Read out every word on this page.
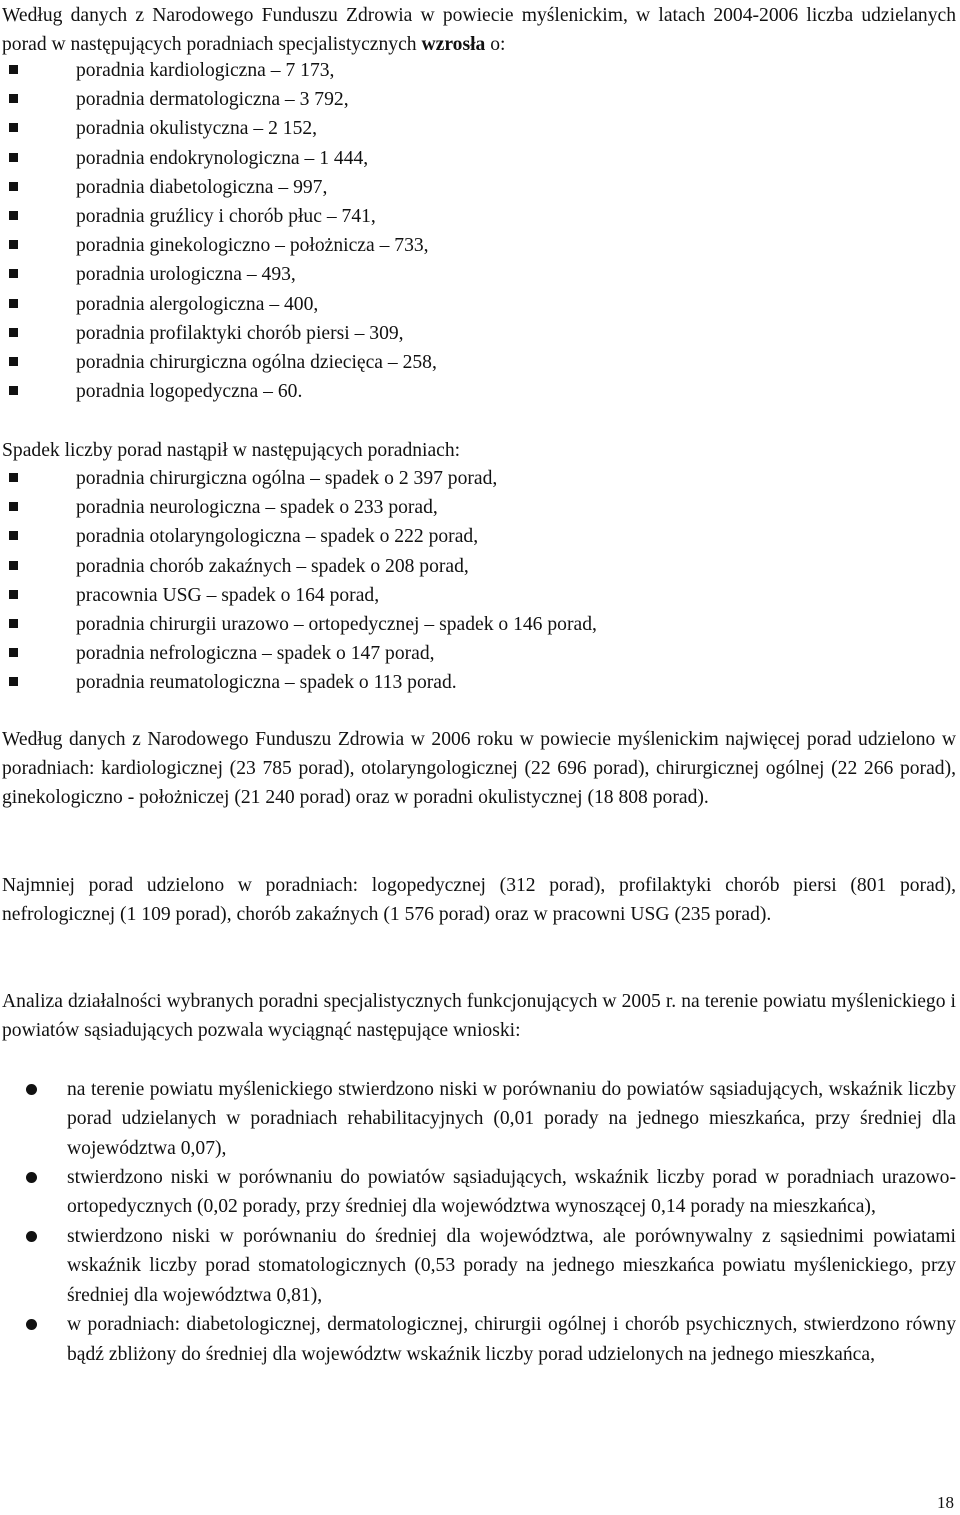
Według danych z Narodowego Funduszu Zdrowia w powiecie myślenickim, w latach 2004-2006 liczba udzielanych porad w następujących poradniach specjalistycznych wzrosła o:

poradnia kardiologiczna – 7 173,
poradnia dermatologiczna – 3 792,
poradnia okulistyczna – 2 152,
poradnia endokrynologiczna – 1 444,
poradnia diabetologiczna – 997,
poradnia gruźlicy i chorób płuc – 741,
poradnia ginekologiczno – położnicza – 733,
poradnia urologiczna – 493,
poradnia alergologiczna – 400,
poradnia profilaktyki chorób piersi – 309,
poradnia chirurgiczna ogólna dziecięca – 258,
poradnia logopedyczna – 60.

Spadek liczby porad nastąpił w następujących poradniach:

poradnia chirurgiczna ogólna – spadek o 2 397 porad,
poradnia neurologiczna – spadek o 233 porad,
poradnia otolaryngologiczna – spadek o 222 porad,
poradnia chorób zakaźnych – spadek o 208 porad,
pracownia USG – spadek o 164 porad,
poradnia chirurgii urazowo – ortopedycznej – spadek o 146 porad,
poradnia nefrologiczna – spadek o 147 porad,
poradnia reumatologiczna – spadek o 113 porad.

Według danych z Narodowego Funduszu Zdrowia w 2006 roku w powiecie myślenickim najwięcej porad udzielono w poradniach: kardiologicznej (23 785 porad), otolaryngologicznej (22 696 porad), chirurgicznej ogólnej (22 266 porad), ginekologiczno - położniczej (21 240 porad) oraz w poradni okulistycznej (18 808 porad).

Najmniej porad udzielono w poradniach: logopedycznej (312 porad), profilaktyki chorób piersi (801 porad), nefrologicznej (1 109 porad), chorób zakaźnych (1 576 porad) oraz w pracowni USG (235 porad).

Analiza działalności wybranych poradni specjalistycznych funkcjonujących w 2005 r. na terenie powiatu myślenickiego i powiatów sąsiadujących pozwala wyciągnąć następujące wnioski:

na terenie powiatu myślenickiego stwierdzono niski w porównaniu do powiatów sąsiadujących, wskaźnik liczby porad udzielanych w poradniach rehabilitacyjnych (0,01 porady na jednego mieszkańca, przy średniej dla województwa 0,07),
stwierdzono niski w porównaniu do powiatów sąsiadujących, wskaźnik liczby porad w poradniach urazowo-ortopedycznych (0,02 porady, przy średniej dla województwa wynoszącej 0,14 porady na mieszkańca),
stwierdzono niski w porównaniu do średniej dla województwa, ale porównywalny z sąsiednimi powiatami wskaźnik liczby porad stomatologicznych (0,53 porady na jednego mieszkańca powiatu myślenickiego, przy średniej dla województwa 0,81),
w poradniach: diabetologicznej, dermatologicznej, chirurgii ogólnej i chorób psychicznych, stwierdzono równy bądź zbliżony do średniej dla województw wskaźnik liczby porad udzielonych na jednego mieszkańca,
18
